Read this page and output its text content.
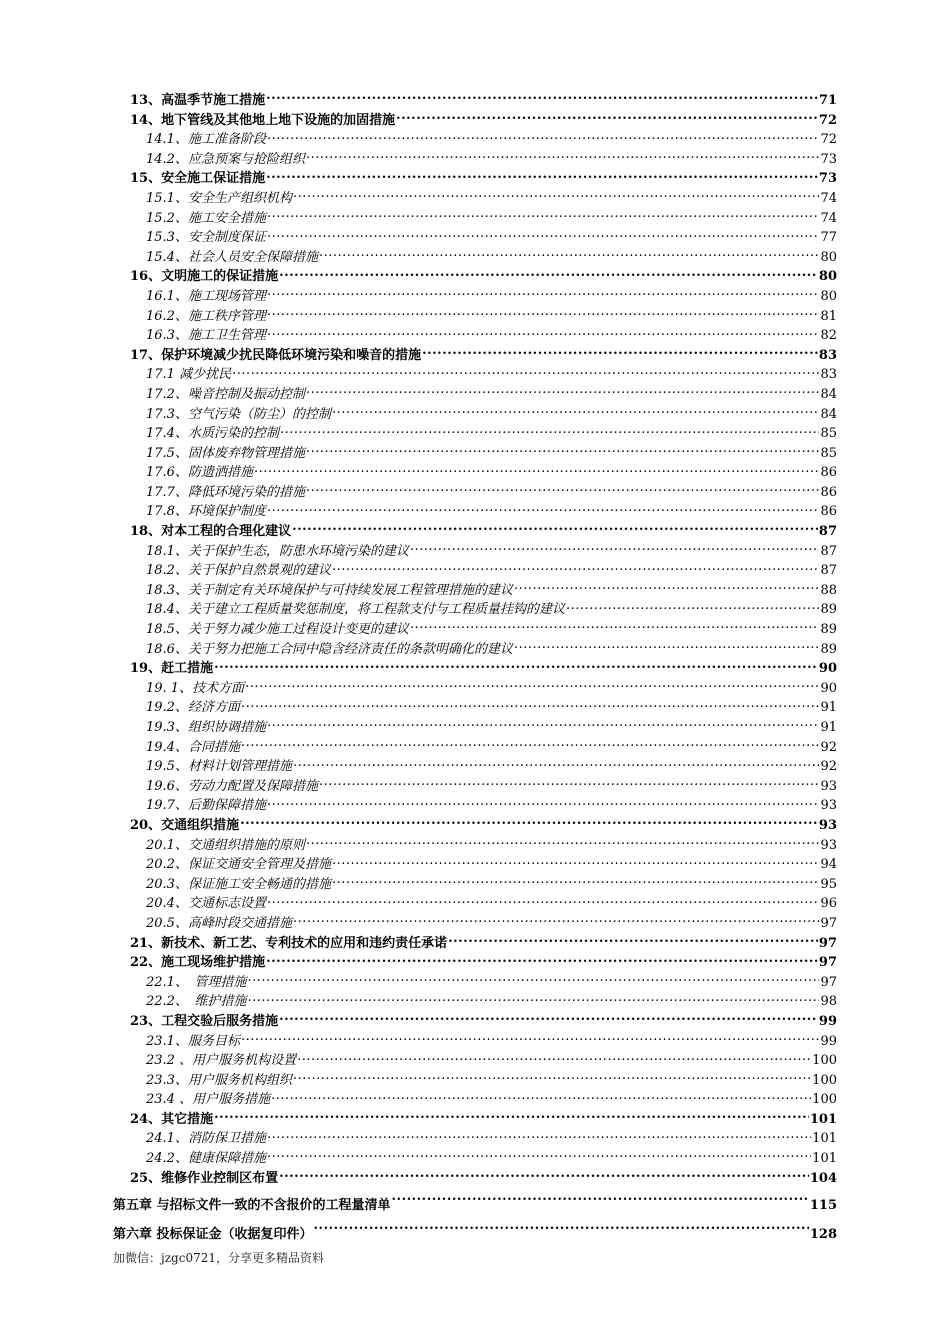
13、高温季节施工措施 .....	71
14、地下管线及其他地上地下设施的加固措施 .....	72
14.1、施工准备阶段 .....	72
14.2、应急预案与抢险组织 .....	73
15、安全施工保证措施 .....	73
15.1、安全生产组织机构 .....	74
15.2、施工安全措施 .....	74
15.3、安全制度保证 .....	77
15.4、社会人员安全保障措施 .....	80
16、文明施工的保证措施 .....	80
16.1、施工现场管理 .....	80
16.2、施工秩序管理 .....	81
16.3、施工卫生管理 .....	82
17、保护环境减少扰民降低环境污染和噪音的措施 .....	83
17.1 减少扰民 .....	83
17.2、噪音控制及振动控制 .....	84
17.3、空气污染（防尘）的控制 .....	84
17.4、水质污染的控制 .....	85
17.5、固体废弃物管理措施 .....	85
17.6、防遗洒措施 .....	86
17.7、降低环境污染的措施 .....	86
17.8、环境保护制度 .....	86
18、对本工程的合理化建议 .....	87
18.1、关于保护生态，防患水环境污染的建议 .....	87
18.2、关于保护自然景观的建议 .....	87
18.3、关于制定有关环境保护与可持续发展工程管理措施的建议 .....	88
18.4、关于建立工程质量奖惩制度，将工程款支付与工程质量挂钩的建议 .....	89
18.5、关于努力减少施工过程设计变更的建议 .....	89
18.6、关于努力把施工合同中隐含经济责任的条款明确化的建议 .....	89
19、赶工措施 .....	90
19. 1、技术方面 .....	90
19.2、经济方面 .....	91
19.3、组织协调措施 .....	91
19.4、合同措施 .....	92
19.5、材料计划管理措施 .....	92
19.6、劳动力配置及保障措施 .....	93
19.7、后勤保障措施 .....	93
20、交通组织措施 .....	93
20.1、交通组织措施的原则 .....	93
20.2、保证交通安全管理及措施 .....	94
20.3、保证施工安全畅通的措施 .....	95
20.4、交通标志设置 .....	96
20.5、高峰时段交通措施 .....	97
21、新技术、新工艺、专利技术的应用和违约责任承诺 .....	97
22、施工现场维护措施 .....	97
22.1、　管理措施 .....	97
22.2、　维护措施 .....	98
23、工程交验后服务措施 .....	99
23.1、服务目标 .....	99
23.2 、用户服务机构设置 .....	100
23.3、用户服务机构组织 .....	100
23.4 、用户服务措施 .....	100
24、其它措施 .....	101
24.1、消防保卫措施 .....	101
24.2、健康保障措施 .....	101
25、维修作业控制区布置 .....	104
第五章 与招标文件一致的不含报价的工程量清单 .....	115
第六章 投标保证金（收据复印件） .....	128
加微信：jzgc0721，分享更多精品资料
